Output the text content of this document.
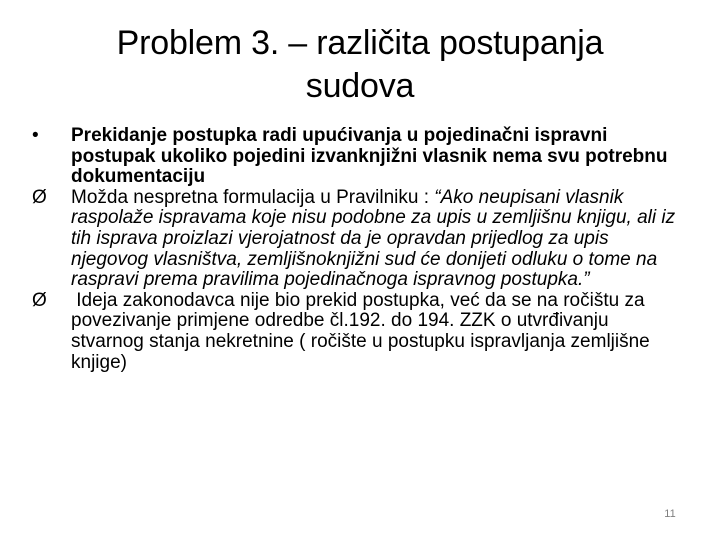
Problem 3. – različita postupanja sudova

•	Prekidanje postupka radi upućivanja u pojedinačni ispravni postupak ukoliko pojedini izvanknjižni vlasnik nema svu potrebnu dokumentaciju

Ø	Možda nespretna formulacija u Pravilniku : “Ako neupisani vlasnik raspolaže ispravama koje nisu podobne za upis u zemljišnu knjigu, ali iz tih isprava proizlazi vjerojatnost da je opravdan prijedlog za upis njegovog vlasništva, zemljišnoknjižni sud će donijeti odluku o tome na raspravi prema pravilima pojedinačnoga ispravnog postupka.”

Ø	Ideja zakonodavca nije bio prekid postupka, već da se na ročištu za povezivanje primjene odredbe čl.192. do 194. ZZK o utvrđivanju  stvarnog stanja nekretnine ( ročište u postupku ispravljanja zemljišne knjige)

11
